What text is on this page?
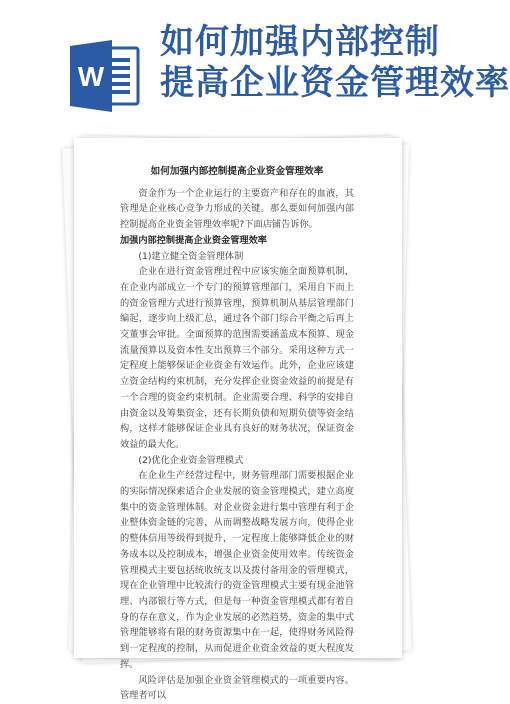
W
如何加强内部控制
提高企业资金管理效率
如何加强内部控制提高企业资金管理效率
资金作为一个企业运行的主要资产和存在的血液，其管理是企业核心竞争力形成的关键。那么要如何加强内部控制提高企业资金管理效率呢?下面店铺告诉你。
加强内部控制提高企业资金管理效率
(1)建立健全资金管理体制
企业在进行资金管理过程中应该实施全面预算机制，在企业内部成立一个专门的预算管理部门，采用自下而上的资金管理方式进行预算管理，预算机制从基层管理部门编起，逐步向上级汇总，通过各个部门综合平衡之后再上交董事会审批。全面预算的范围需要涵盖成本预算、现金流量预算以及资本性支出预算三个部分。采用这种方式一定程度上能够保证企业资金有效运作。此外，企业应该建立资金结构约束机制，充分发挥企业资金效益的前提是有一个合理的资金约束机制。企业需要合理、科学的安排自由资金以及筹集资金，还有长期负债和短期负债等资金结构，这样才能够保证企业具有良好的财务状况，保证资金效益的最大化。
(2)优化企业资金管理模式
在企业生产经营过程中，财务管理部门需要根据企业的实际情况探索适合企业发展的资金管理模式，建立高度集中的资金管理体制。对企业资金进行集中管理有利于企业整体资金链的完善，从而调整战略发展方向，使得企业的整体信用等级得到提升，一定程度上能够降低企业的财务成本以及控制成本，增强企业资金使用效率。传统资金管理模式主要包括统收统支以及拨付备用金的管理模式，现在企业管理中比较流行的资金管理模式主要有现金池管理、内部银行等方式，但是每一种资金管理模式都有着自身的存在意义，作为企业发展的必然趋势，资金的集中式管理能够将有限的财务资源集中在一起，使得财务风险得到一定程度的控制，从而促进企业资金效益的更大程度发挥。
风险评估是加强企业资金管理模式的一项重要内容。管理者可以
